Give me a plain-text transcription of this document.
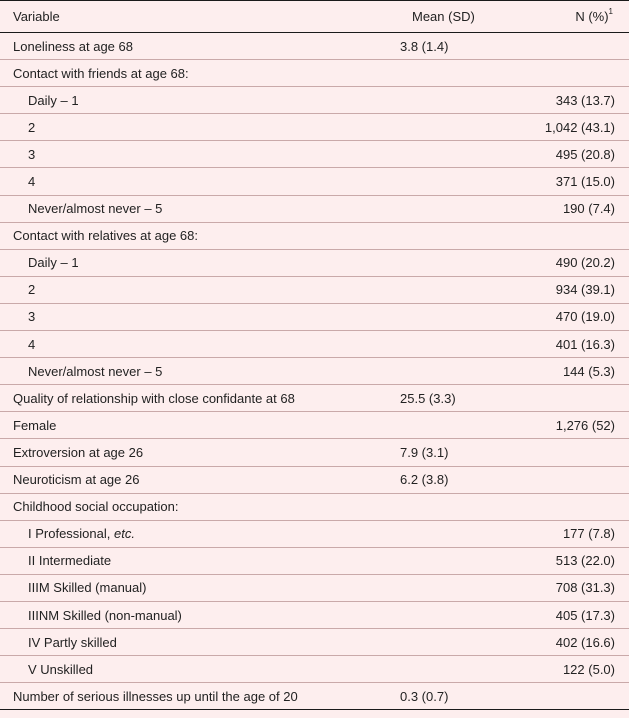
Variable	Mean (SD)	N (%)$^1$
Loneliness at age 68	3.8 (1.4)	
Contact with friends at age 68:		
Daily – 1		343 (13.7)
2		1,042 (43.1)
3		495 (20.8)
4		371 (15.0)
Never/almost never – 5		190 (7.4)
Contact with relatives at age 68:		
Daily – 1		490 (20.2)
2		934 (39.1)
3		470 (19.0)
4		401 (16.3)
Never/almost never – 5		144 (5.3)
Quality of relationship with close confidante at 68	25.5 (3.3)	
Female		1,276 (52)
Extroversion at age 26	7.9 (3.1)	
Neuroticism at age 26	6.2 (3.8)	
Childhood social occupation:		
I Professional, etc.		177 (7.8)
II Intermediate		513 (22.0)
IIIM Skilled (manual)		708 (31.3)
IIINM Skilled (non-manual)		405 (17.3)
IV Partly skilled		402 (16.6)
V Unskilled		122 (5.0)
Number of serious illnesses up until the age of 20	0.3 (0.7)	
